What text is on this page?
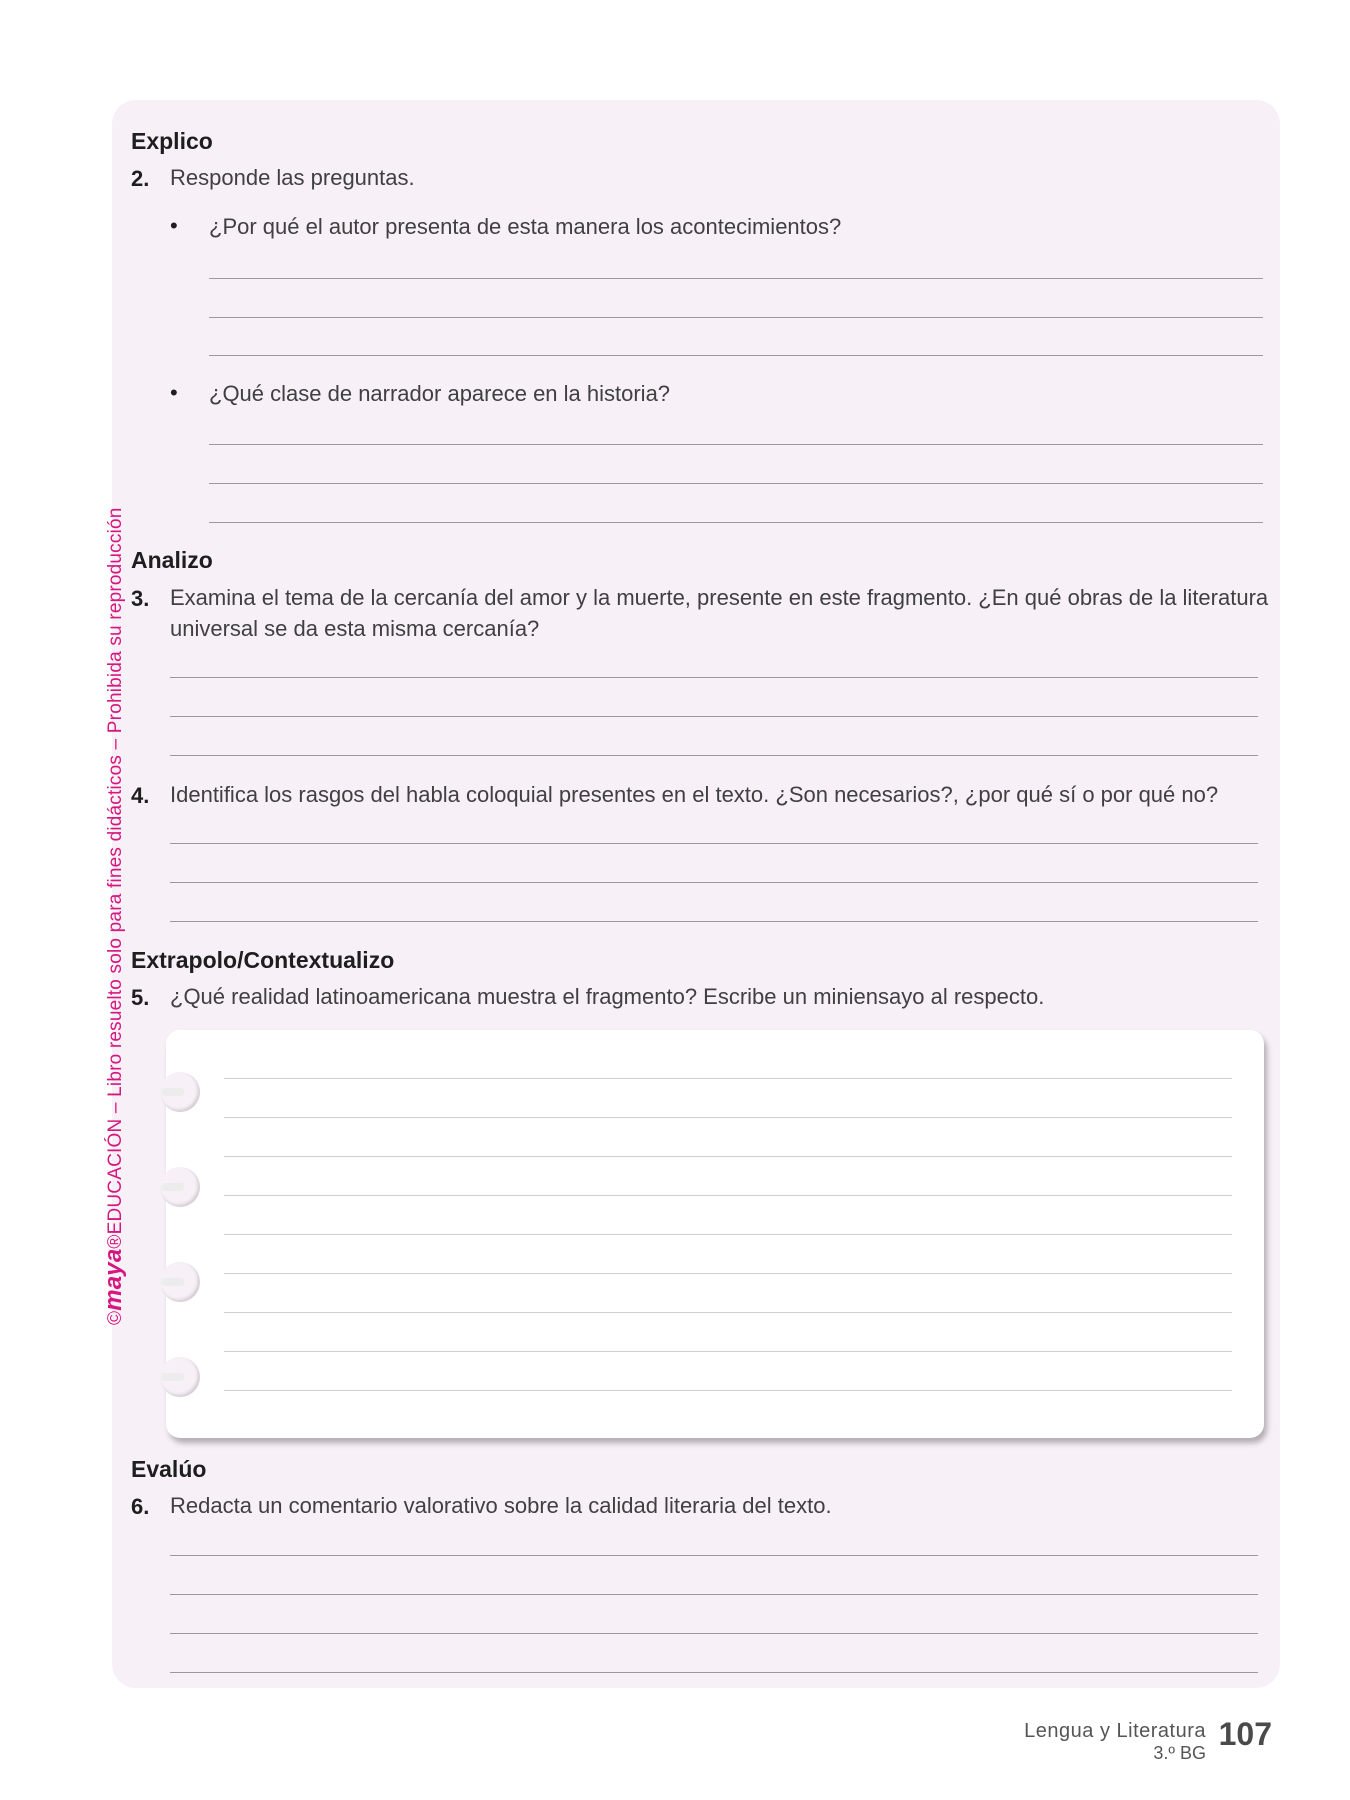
©maya®EDUCACIÓN – Libro resuelto solo para fines didácticos – Prohibida su reproducción
Explico
2. Responde las preguntas.
• ¿Por qué el autor presenta de esta manera los acontecimientos?
• ¿Qué clase de narrador aparece en la historia?
Analizo
3. Examina el tema de la cercanía del amor y la muerte, presente en este fragmento. ¿En qué obras de la literatura
universal se da esta misma cercanía?
4. Identifica los rasgos del habla coloquial presentes en el texto. ¿Son necesarios?, ¿por qué sí o por qué no?
Extrapolo/Contextualizo
5. ¿Qué realidad latinoamericana muestra el fragmento? Escribe un miniensayo al respecto.
Evalúo
6. Redacta un comentario valorativo sobre la calidad literaria del texto.
Lengua y Literatura
3.º BG
107
